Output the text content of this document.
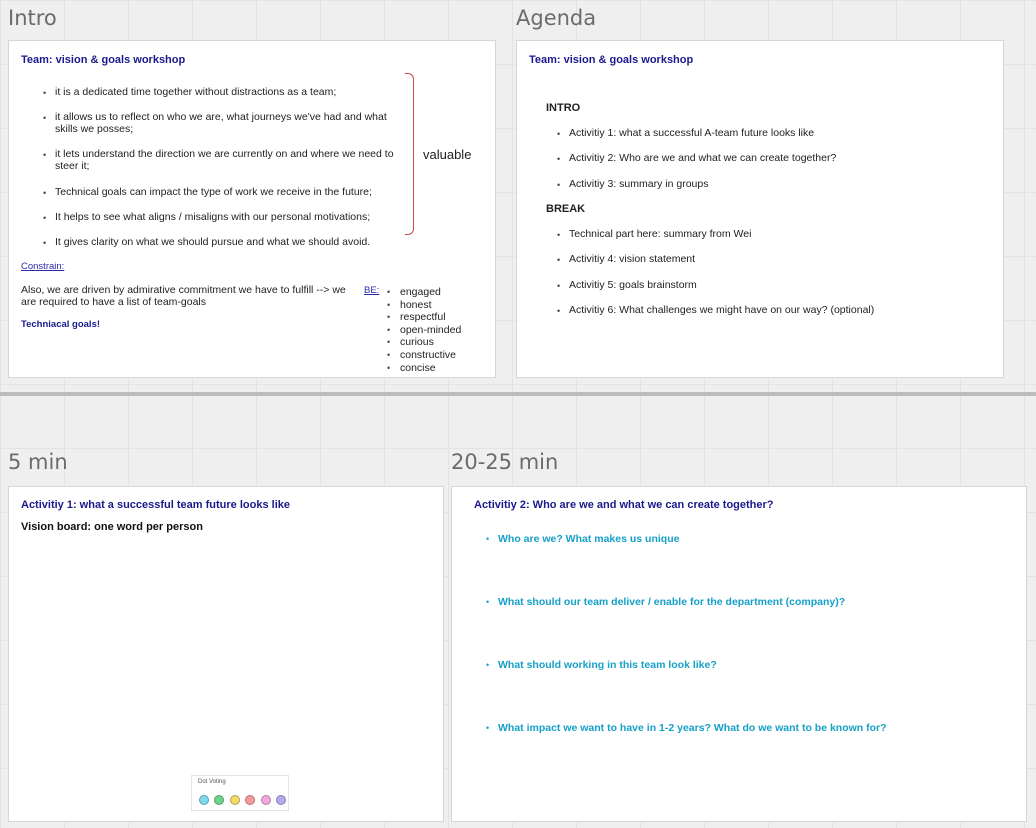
Intro
Team: vision & goals workshop
• it is a dedicated time together without distractions as a team;
• it allows us to reflect on who we are, what journeys we've had and what skills we posses;
• it lets understand the direction we are currently on and where we need to steer it;
• Technical goals can impact the type of work we receive in the future;
• It helps to see what aligns / misaligns with our personal motivations;
• It gives clarity on what we should pursue and what we should avoid.
valuable
Constrain:
Also, we are driven by admirative commitment we have to fulfill --> we are required to have a list of team-goals
BE: • engaged
• honest
• respectful
• open-minded
• curious
• constructive
• concise
Techniacal goals!
Agenda
Team: vision & goals workshop
INTRO
• Activitiy 1: what a successful A-team future looks like
• Activitiy 2: Who are we and what we can create together?
• Activitiy 3: summary in groups
BREAK
• Technical part here: summary from Wei
• Activitiy 4: vision statement
• Activitiy 5: goals brainstorm
• Activitiy 6: What challenges we might have on our way? (optional)
5 min
Activitiy 1: what a successful team future looks like
Vision board: one word per person
Dot Voting
20-25 min
Activitiy 2: Who are we and what we can create together?
• Who are we? What makes us unique
• What should our team deliver / enable for the department (company)?
• What should working in this team look like?
• What impact we want to have in 1-2 years? What do we want to be known for?
